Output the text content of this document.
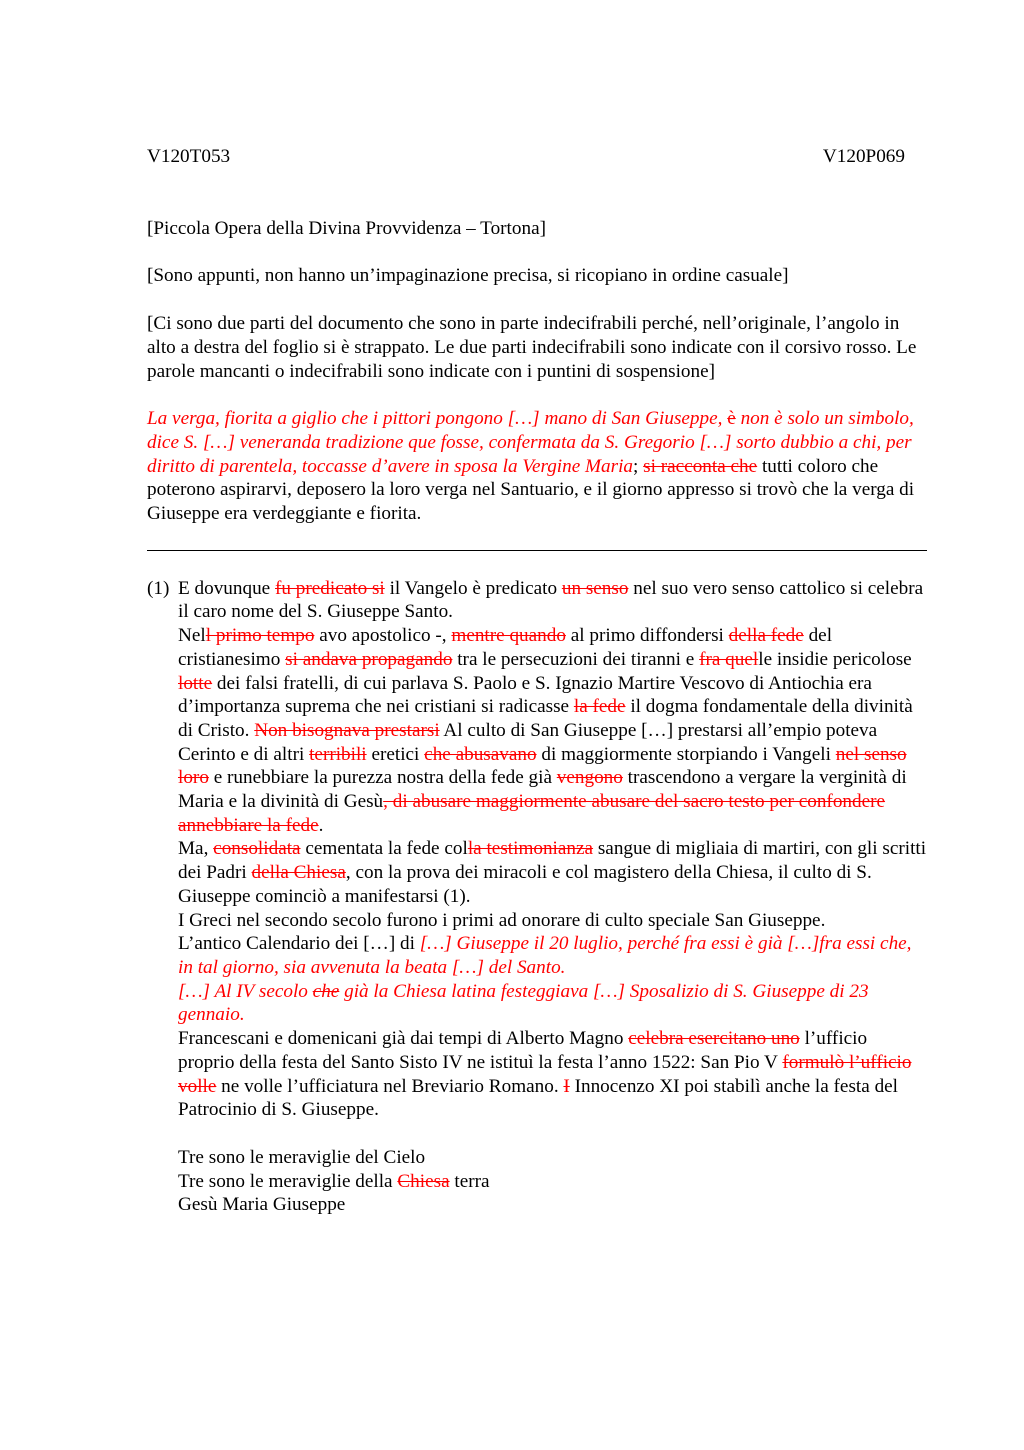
V120T053	V120P069

[Piccola Opera della Divina Provvidenza – Tortona]

[Sono appunti, non hanno un’impaginazione precisa, si ricopiano in ordine casuale]

[Ci sono due parti del documento che sono in parte indecifrabili perché, nell’originale, l’angolo in alto a destra del foglio si è strappato. Le due parti indecifrabili sono indicate con il corsivo rosso. Le parole mancanti o indecifrabili sono indicate con i puntini di sospensione]

La verga, fiorita a giglio che i pittori pongono […] mano di San Giuseppe, è non è solo un simbolo, dice S. […] veneranda tradizione que fosse, confermata da S. Gregorio […] sorto dubbio a chi, per diritto di parentela, toccasse d’avere in sposa la Vergine Maria; si racconta che tutti coloro che poterono aspirarvi, deposero la loro verga nel Santuario, e il giorno appresso si trovò che la verga di Giuseppe era verdeggiante e fiorita.

(1) E dovunque fu predicato si il Vangelo è predicato un senso nel suo vero senso cattolico si celebra il caro nome del S. Giuseppe Santo.
Nell primo tempo avo apostolico -, mentre quando al primo diffondersi della fede del cristianesimo si andava propagando tra le persecuzioni dei tiranni e fra quelle insidie pericolose lotte dei falsi fratelli, di cui parlava S. Paolo e S. Ignazio Martire Vescovo di Antiochia era d’importanza suprema che nei cristiani si radicasse la fede il dogma fondamentale della divinità di Cristo. Non bisognava prestarsi Al culto di San Giuseppe […] prestarsi all’empio poteva Cerinto e di altri terribili eretici che abusavano di maggiormente storpiando i Vangeli nel senso loro e runebbiare la purezza nostra della fede già vengono trascendono a vergare la verginità di Maria e la divinità di Gesù, di abusare maggiormente abusare del sacro testo per confondere annebbiare la fede.
Ma, consolidata cementata la fede colla testimonianza sangue di migliaia di martiri, con gli scritti dei Padri della Chiesa, con la prova dei miracoli e col magistero della Chiesa, il culto di S. Giuseppe cominciò a manifestarsi (1).
I Greci nel secondo secolo furono i primi ad onorare di culto speciale San Giuseppe.
L’antico Calendario dei […] di […] Giuseppe il 20 luglio, perché fra essi è già […]fra essi che, in tal giorno, sia avvenuta la beata […] del Santo.
[…] Al IV secolo che già la Chiesa latina festeggiava […] Sposalizio di S. Giuseppe di 23 gennaio.
Francescani e domenicani già dai tempi di Alberto Magno celebra esercitano uno l’ufficio proprio della festa del Santo Sisto IV ne istituì la festa l’anno 1522: San Pio V formulò l’ufficio volle ne volle l’ufficiatura nel Breviario Romano. I Innocenzo XI poi stabilì anche la festa del Patrocinio di S. Giuseppe.
Tre sono le meraviglie del Cielo
Tre sono le meraviglie della Chiesa terra
Gesù Maria Giuseppe
